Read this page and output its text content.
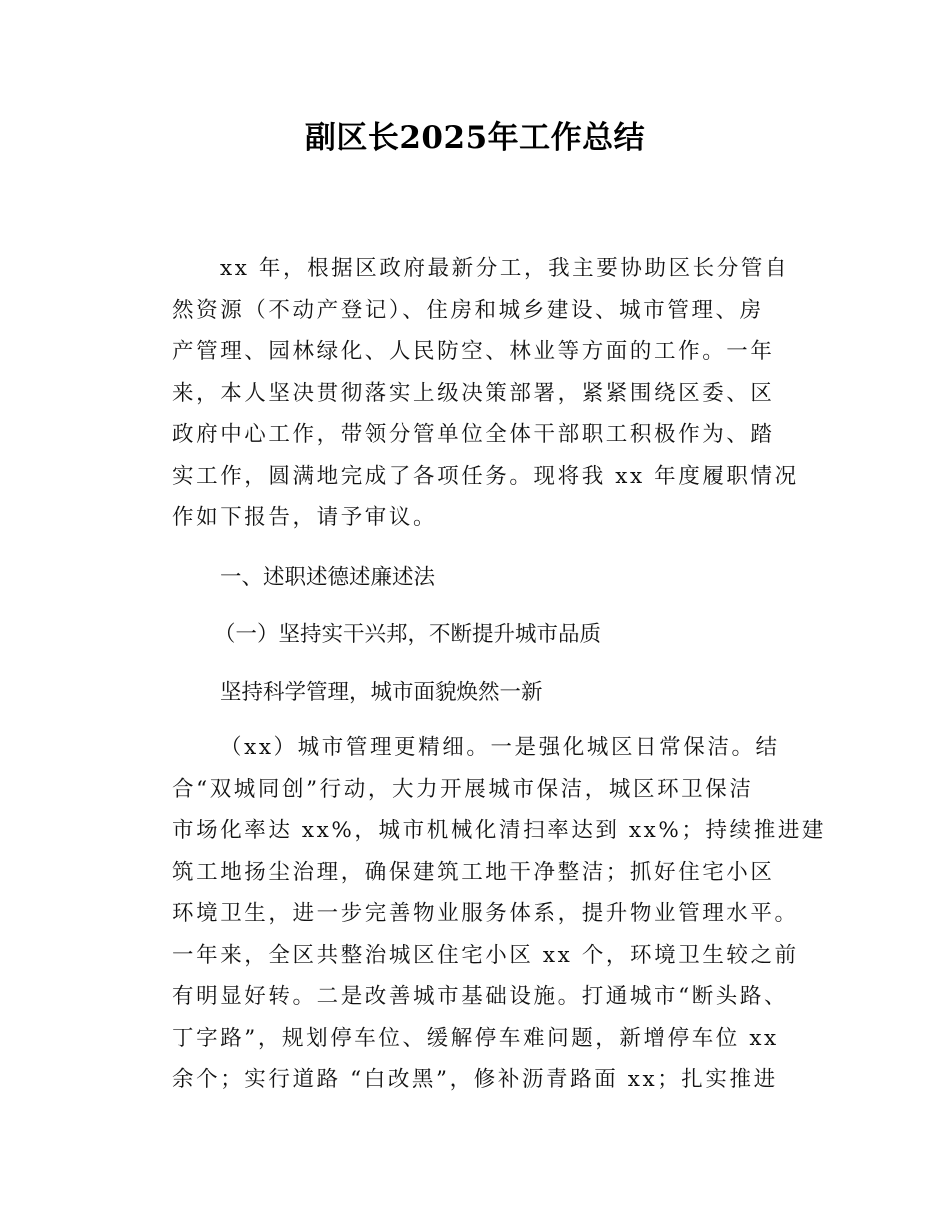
副区长2025年工作总结
xx 年，根据区政府最新分工，我主要协助区长分管自
然资源（不动产登记）、住房和城乡建设、城市管理、房
产管理、园林绿化、人民防空、林业等方面的工作。一年
来，本人坚决贯彻落实上级决策部署，紧紧围绕区委、区
政府中心工作，带领分管单位全体干部职工积极作为、踏
实工作，圆满地完成了各项任务。现将我 xx 年度履职情况
作如下报告，请予审议。
一、述职述德述廉述法
（一）坚持实干兴邦，不断提升城市品质
坚持科学管理，城市面貌焕然一新
（xx）城市管理更精细。一是强化城区日常保洁。结
合“双城同创”行动，大力开展城市保洁，城区环卫保洁
市场化率达 xx%，城市机械化清扫率达到 xx%；持续推进建
筑工地扬尘治理，确保建筑工地干净整洁；抓好住宅小区
环境卫生，进一步完善物业服务体系，提升物业管理水平。
一年来，全区共整治城区住宅小区 xx 个，环境卫生较之前
有明显好转。二是改善城市基础设施。打通城市“断头路、
丁字路”，规划停车位、缓解停车难问题，新增停车位 xx
余个；实行道路 “白改黑”，修补沥青路面 xx；扎实推进
